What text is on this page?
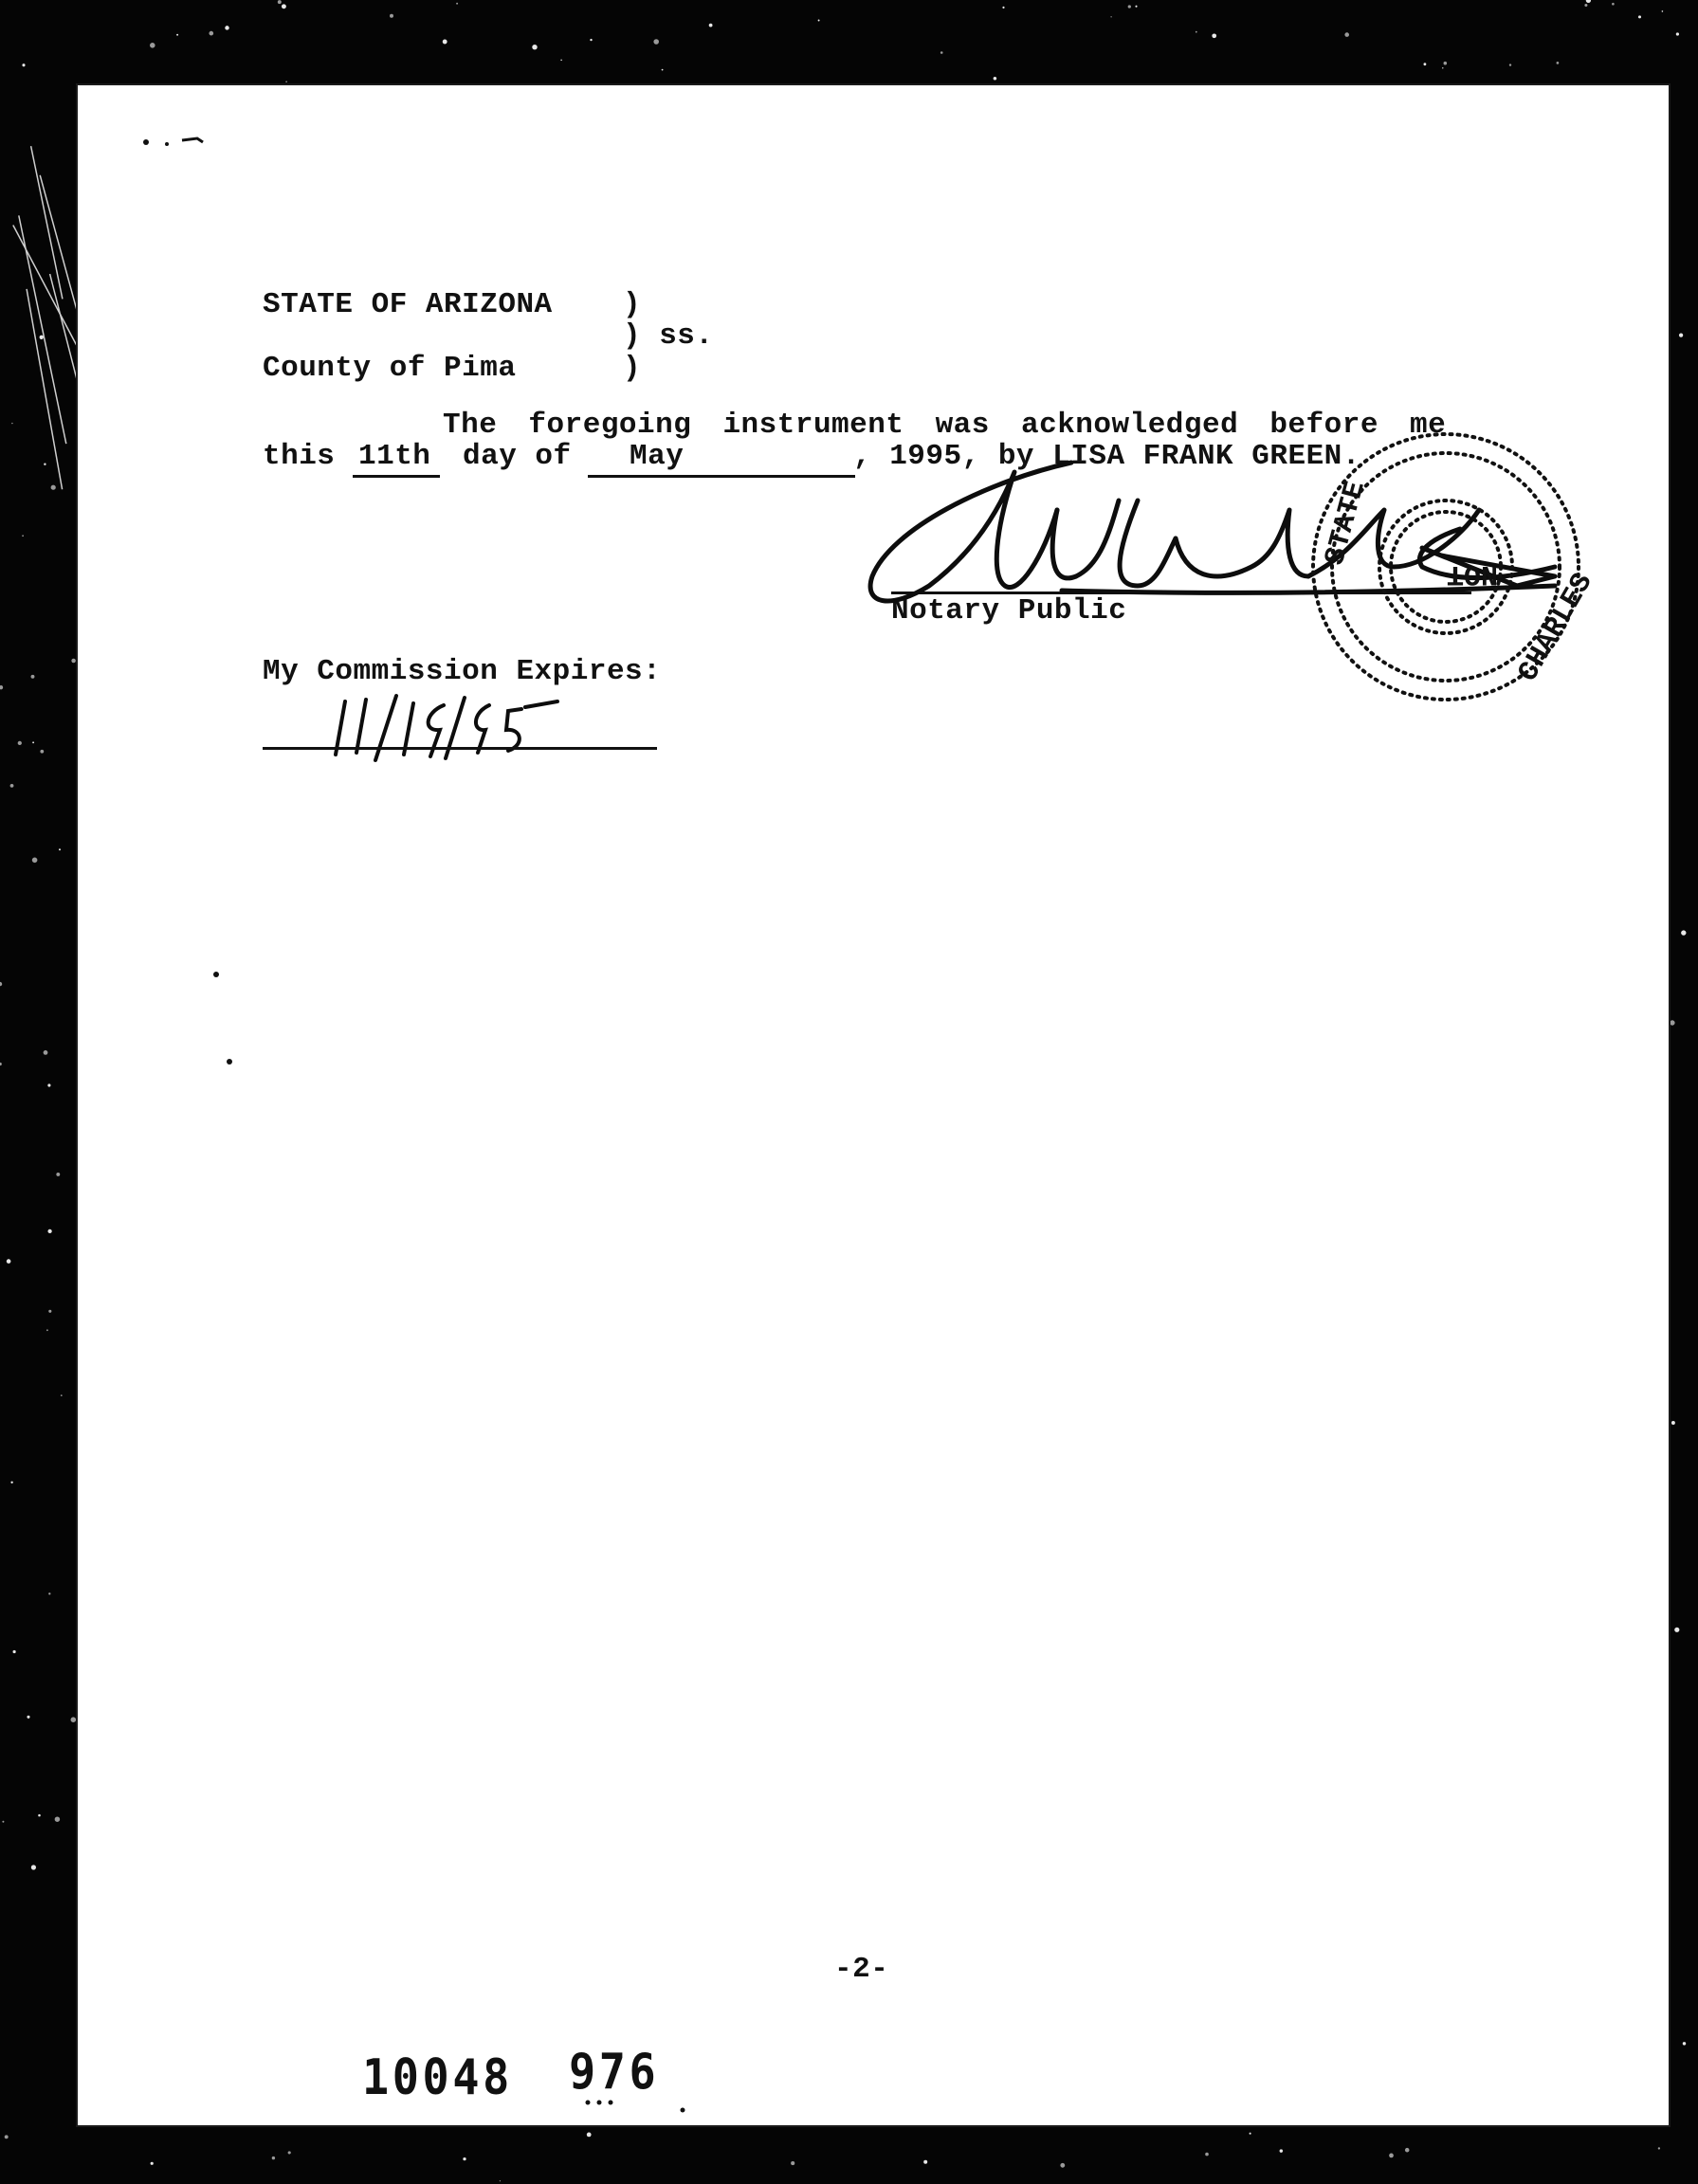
STATE OF ARIZONA )
) ss.
County of Pima	)
The foregoing instrument was acknowledged before me
this 11th day of May	, 1995, by LISA FRANK GREEN.
Notary Public
NOT CHARLES
STATE
My Commission Expires:
-2-
10048 976
